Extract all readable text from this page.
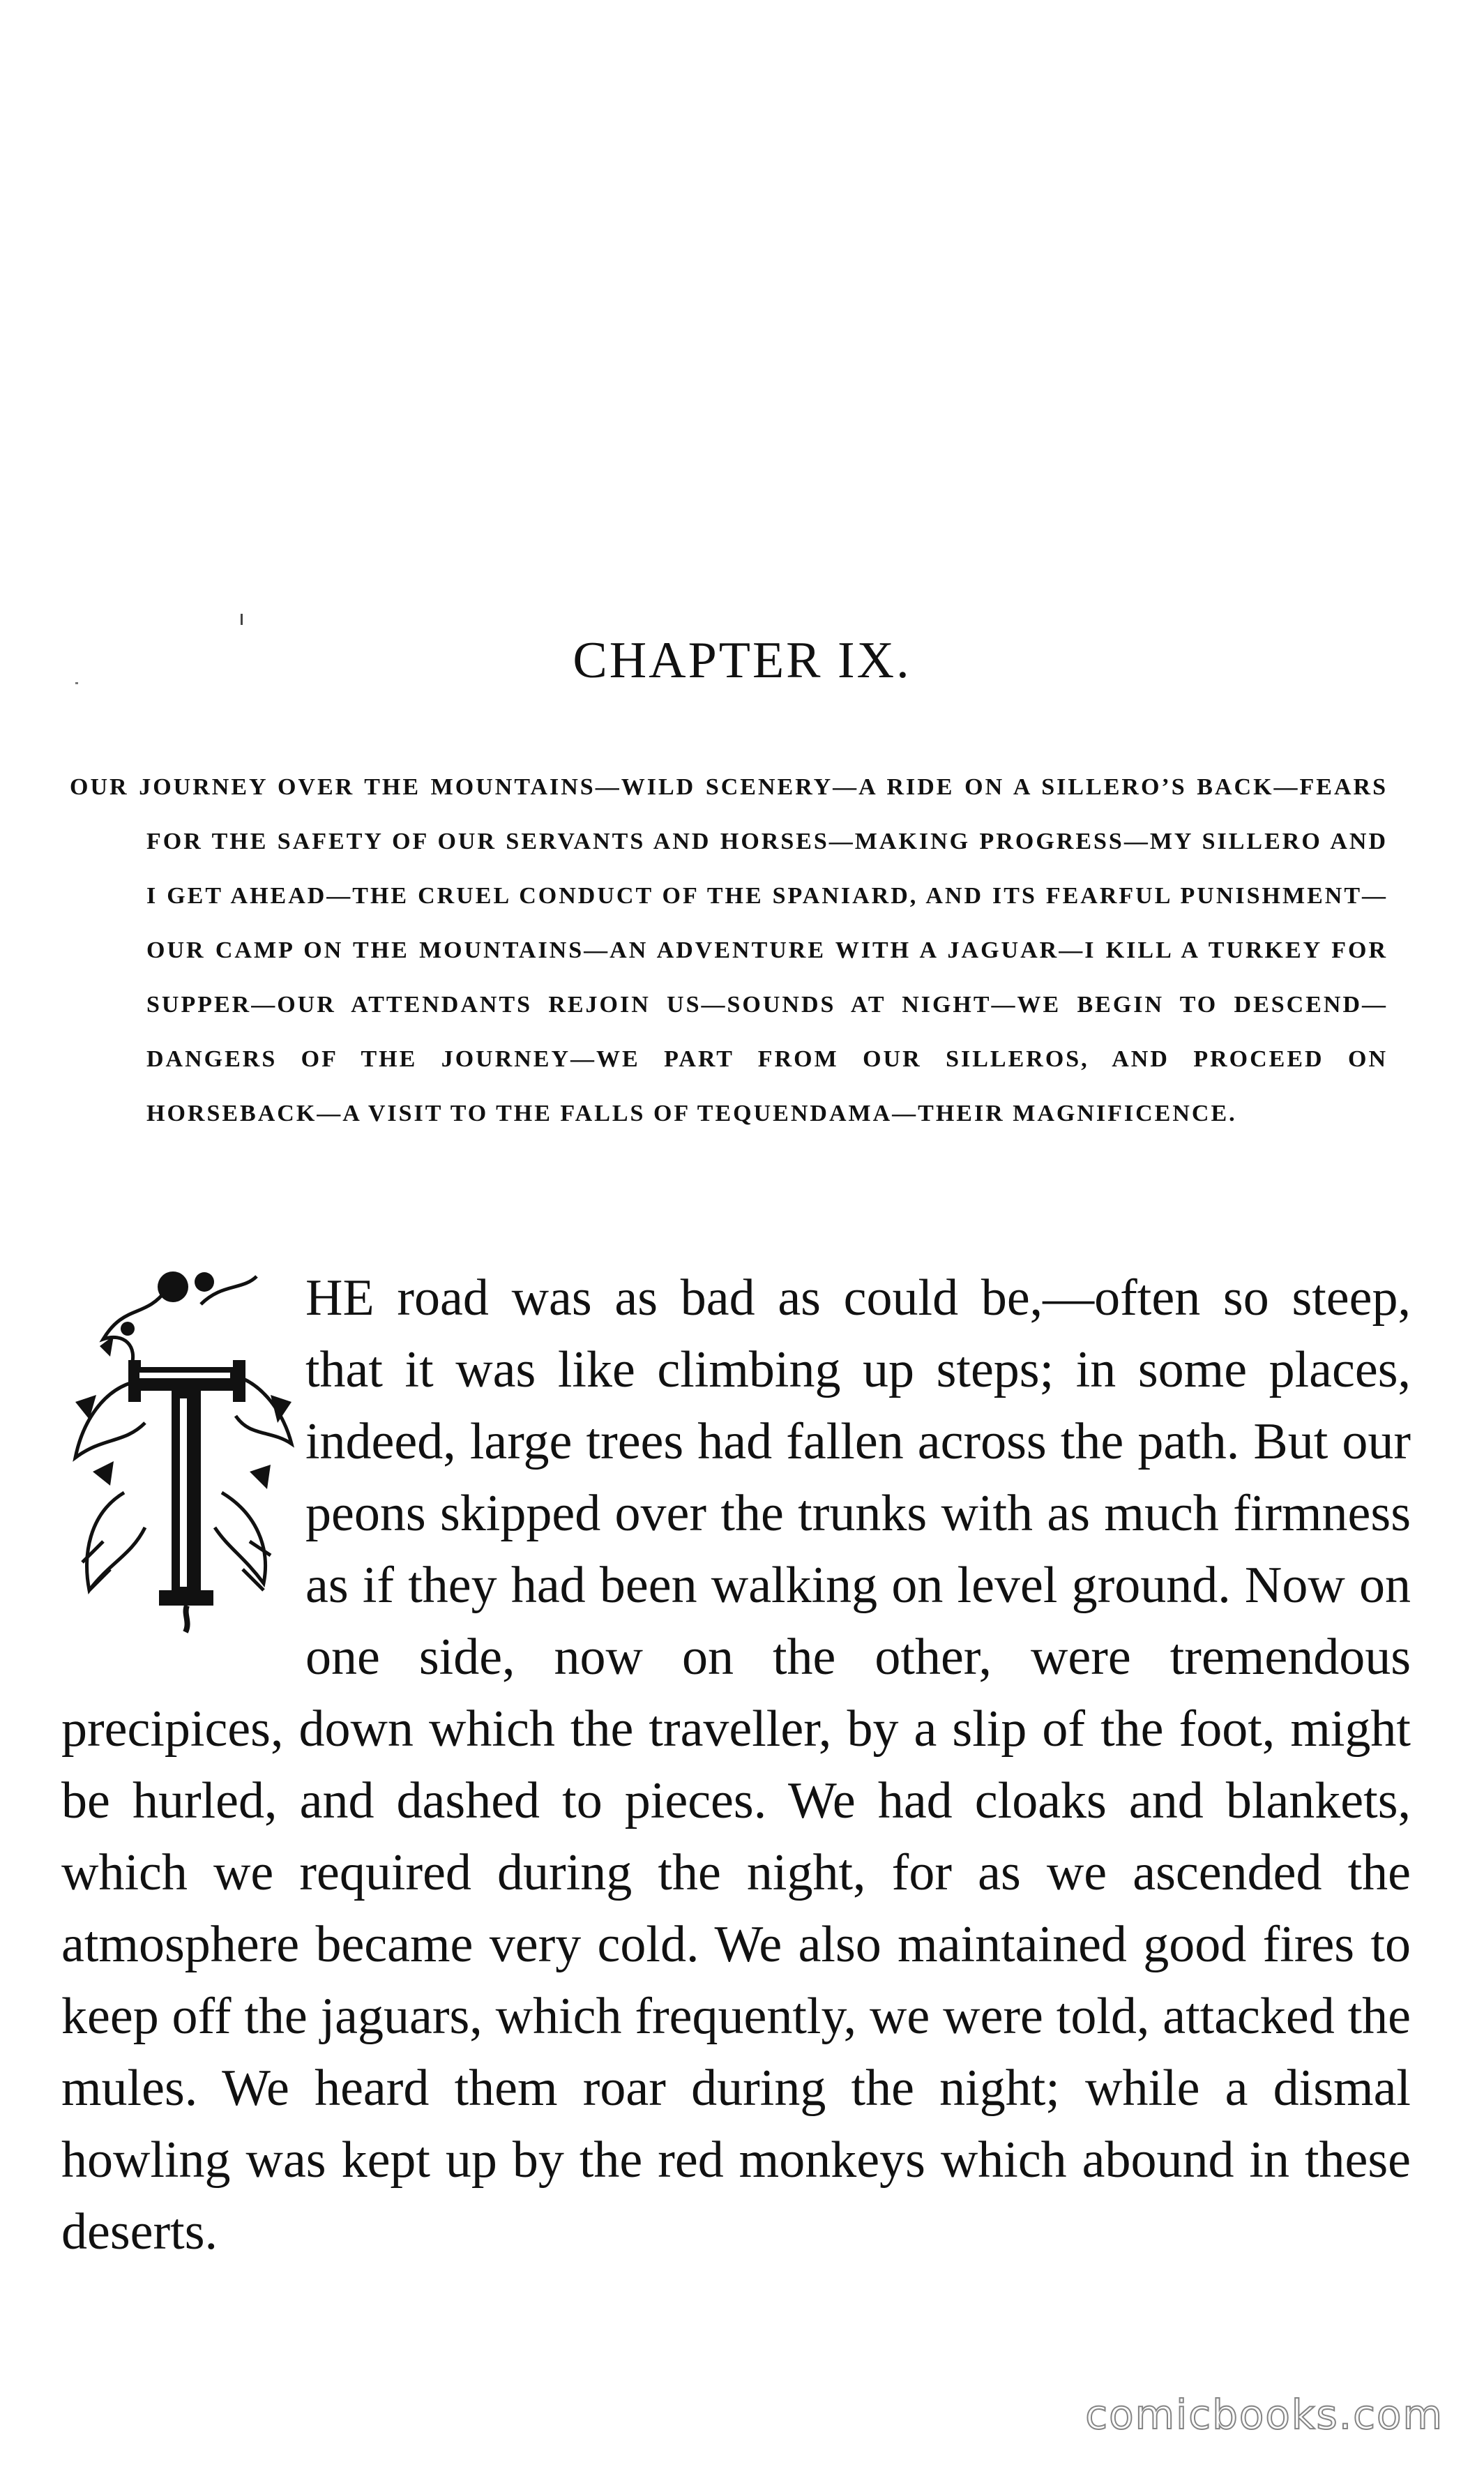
CHAPTER IX.

OUR JOURNEY OVER THE MOUNTAINS—WILD SCENERY—A RIDE ON A SILLERO’S BACK—FEARS FOR THE SAFETY OF OUR SERVANTS AND HORSES—MAKING PROGRESS—MY SILLERO AND I GET AHEAD—THE CRUEL CONDUCT OF THE SPANIARD, AND ITS FEARFUL PUNISHMENT—OUR CAMP ON THE MOUNTAINS—AN ADVENTURE WITH A JAGUAR—I KILL A TURKEY FOR SUPPER—OUR ATTENDANTS REJOIN US—SOUNDS AT NIGHT—WE BEGIN TO DESCEND—DANGERS OF THE JOURNEY—WE PART FROM OUR SILLEROS, AND PROCEED ON HORSEBACK—A VISIT TO THE FALLS OF TEQUENDAMA—THEIR MAGNIFICENCE.

HE road was as bad as could be,—often so steep, that it was like climbing up steps; in some places, indeed, large trees had fallen across the path. But our peons skipped over the trunks with as much firmness as if they had been walking on level ground. Now on one side, now on the other, were tremendous precipices, down which the traveller, by a slip of the foot, might be hurled, and dashed to pieces. We had cloaks and blankets, which we required during the night, for as we ascended the atmosphere became very cold. We also maintained good fires to keep off the jaguars, which frequently, we were told, attacked the mules. We heard them roar during the night; while a dismal howling was kept up by the red monkeys which abound in these deserts.

comicbooks.com
